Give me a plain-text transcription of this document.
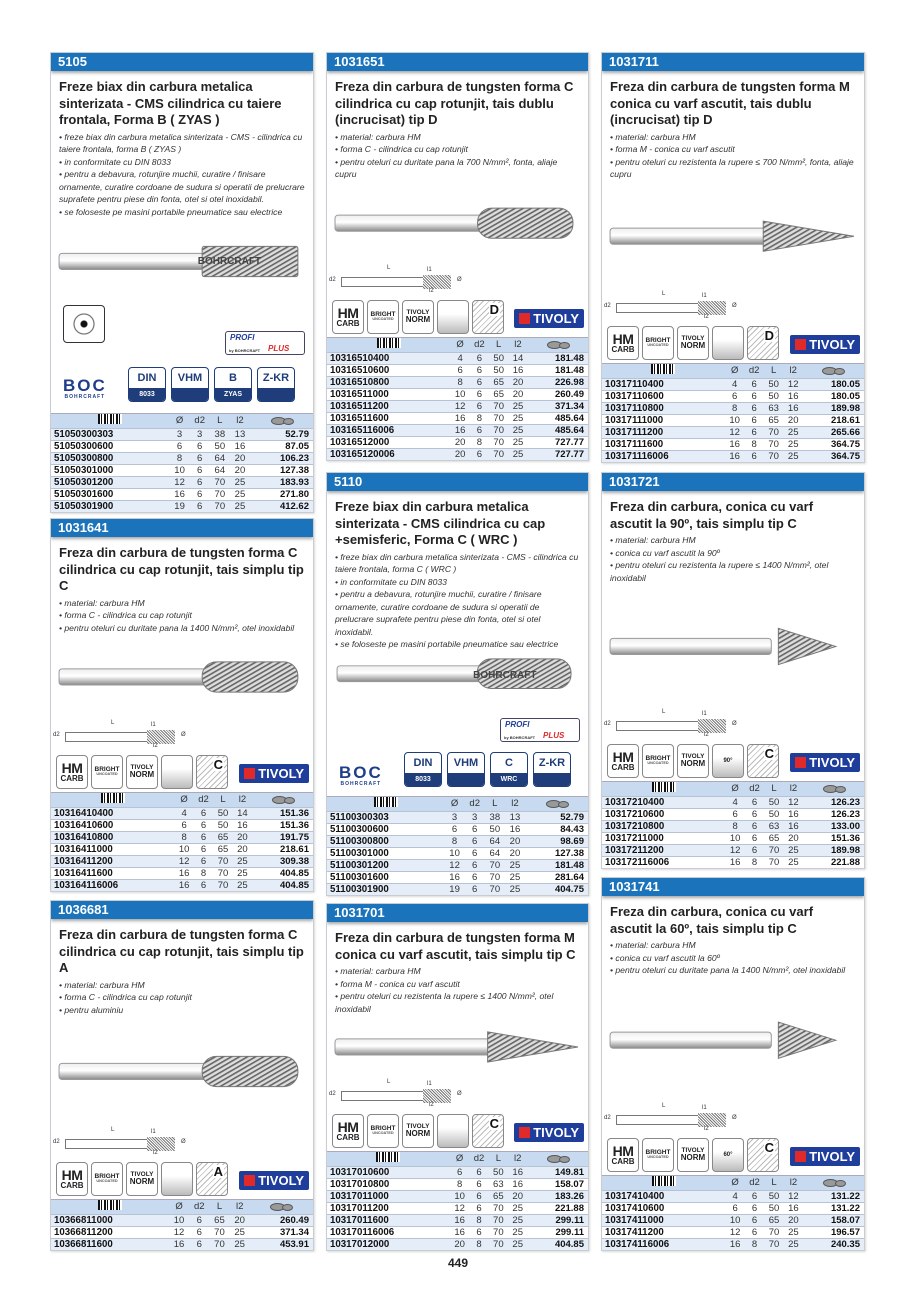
5105
Freze biax din carbura metalica sinterizata - CMS cilindrica cu taiere frontala, Forma B ( ZYAS )
• freze biax din carbura metalica sinterizata - CMS - cilindrica cu taiere frontala, forma B ( ZYAS )
• in conformitate cu DIN 8033
• pentru a debavura, rotunjire muchii, curatire / finisare ornamente, curatire cordoane de sudura si operatii de prelucrare suprafete pentru piese din fonta, otel si otel inoxidabil.
• se foloseste pe masini portabile pneumatice sau electrice
BOHRCRAFT
PROFI
by BOHRCRAFT PLUS
BOC
BOHRCRAFT
DIN
8033
VHM	B
ZYAS
Z-KR
	Ø	d2	L	l2	
51050300303	3	3	38	13	52.79
51050300600	6	6	50	16	87.05
51050300800	8	6	64	20	106.23
51050301000	10	6	64	20	127.38
51050301200	12	6	70	25	183.93
51050301600	16	6	70	25	271.80
51050301900	19	6	70	25	412.62
1031641
Freza din carbura de tungsten forma C cilindrica cu cap rotunjit, tais simplu tip C
• material: carbura HM
• forma C - cilindrica cu cap rotunjit
• pentru oteluri cu duritate pana la 1400 N/mm², otel inoxidabil
L	l1
l2
d2	Ø
HM
CARB
BRIGHT
UNCOATED
TIVOLY
NORM
C
TIVOLY
	Ø	d2	L	l2	
10316410400	4	6	50	14	151.36
10316410600	6	6	50	16	151.36
10316410800	8	6	65	20	191.75
10316411000	10	6	65	20	218.61
10316411200	12	6	70	25	309.38
10316411600	16	8	70	25	404.85
103164116006	16	6	70	25	404.85
1036681
Freza din carbura de tungsten forma C cilindrica cu cap rotunjit, tais simplu tip A
• material: carbura HM
• forma C - cilindrica cu cap rotunjit
• pentru aluminiu
L	l1
l2
d2	Ø
HM
CARB
BRIGHT
UNCOATED
TIVOLY
NORM
A
TIVOLY
	Ø	d2	L	l2	
10366811000	10	6	65	20	260.49
10366811200	12	6	70	25	371.34
10366811600	16	6	70	25	453.91
1031651
Freza din carbura de tungsten forma C cilindrica cu cap rotunjit, tais dublu (incrucisat) tip D
• material: carbura HM
• forma C - cilindrica cu cap rotunjit
• pentru oteluri cu duritate pana la 700 N/mm², fonta, aliaje cupru
L	l1
l2
d2	Ø
HM
CARB
BRIGHT
UNCOATED
TIVOLY
NORM
D
TIVOLY
	Ø	d2	L	l2	
10316510400	4	6	50	14	181.48
10316510600	6	6	50	16	181.48
10316510800	8	6	65	20	226.98
10316511000	10	6	65	20	260.49
10316511200	12	6	70	25	371.34
10316511600	16	8	70	25	485.64
103165116006	16	6	70	25	485.64
10316512000	20	8	70	25	727.77
103165120006	20	6	70	25	727.77
5110
Freze biax din carbura metalica sinterizata - CMS cilindrica cu cap +semisferic, Forma C ( WRC )
• freze biax din carbura metalica sinterizata - CMS - cilindrica cu taiere frontala, forma C ( WRC )
• in conformitate cu DIN 8033
• pentru a debavura, rotunjire muchii, curatire / finisare ornamente, curatire cordoane de sudura si operatii de prelucrare suprafete pentru piese din fonta, otel si otel inoxidabil.
• se foloseste pe masini portabile pneumatice sau electrice
BOHRCRAFT
PROFI
by BOHRCRAFT PLUS
BOC
BOHRCRAFT
DIN
8033
VHM	C
WRC
Z-KR
	Ø	d2	L	l2	
51100300303	3	3	38	13	52.79
51100300600	6	6	50	16	84.43
51100300800	8	6	64	20	98.69
51100301000	10	6	64	20	127.38
51100301200	12	6	70	25	181.48
51100301600	16	6	70	25	281.64
51100301900	19	6	70	25	404.75
1031701
Freza din carbura de tungsten forma M conica cu varf ascutit, tais simplu tip C
• material: carbura HM
• forma M - conica cu varf ascutit
• pentru oteluri cu rezistenta la rupere ≤ 1400 N/mm², otel inoxidabil
L	l1
l2
d2	Ø
HM
CARB
BRIGHT
UNCOATED
TIVOLY
NORM
C
TIVOLY
	Ø	d2	L	l2	
10317010600	6	6	50	16	149.81
10317010800	8	6	63	16	158.07
10317011000	10	6	65	20	183.26
10317011200	12	6	70	25	221.88
10317011600	16	8	70	25	299.11
103170116006	16	6	70	25	299.11
10317012000	20	8	70	25	404.85
1031711
Freza din carbura de tungsten forma M conica cu varf ascutit, tais dublu (incrucisat) tip D
• material: carbura HM
• forma M - conica cu varf ascutit
• pentru oteluri cu rezistenta la rupere ≤ 700 N/mm², fonta, aliaje cupru
L	l1
l2
d2	Ø
HM
CARB
BRIGHT
UNCOATED
TIVOLY
NORM
D
TIVOLY
	Ø	d2	L	l2	
10317110400	4	6	50	12	180.05
10317110600	6	6	50	16	180.05
10317110800	8	6	63	16	189.98
10317111000	10	6	65	20	218.61
10317111200	12	6	70	25	265.66
10317111600	16	8	70	25	364.75
103171116006	16	6	70	25	364.75
1031721
Freza din carbura, conica cu varf ascutit la 90º, tais simplu tip C
• material: carbura HM
• conica cu varf ascutit la 90º
• pentru oteluri cu rezistenta la rupere ≤ 1400 N/mm², otel inoxidabil
L	l1
l2
d2	Ø
HM
CARB
BRIGHT
UNCOATED
TIVOLY
NORM	90° C
TIVOLY
	Ø	d2	L	l2	
10317210400	4	6	50	12	126.23
10317210600	6	6	50	16	126.23
10317210800	8	6	63	16	133.00
10317211000	10	6	65	20	151.36
10317211200	12	6	70	25	189.98
103172116006	16	8	70	25	221.88
1031741
Freza din carbura, conica cu varf ascutit la 60º, tais simplu tip C
• material: carbura HM
• conica cu varf ascutit la 60º
• pentru oteluri cu duritate pana la 1400 N/mm², otel inoxidabil
L	l1
l2
d2	Ø
HM
CARB
BRIGHT
UNCOATED
TIVOLY
NORM	60° C
TIVOLY
	Ø	d2	L	l2	
10317410400	4	6	50	12	131.22
10317410600	6	6	50	16	131.22
10317411000	10	6	65	20	158.07
10317411200	12	6	70	25	196.57
103174116006	16	8	70	25	240.35
449
